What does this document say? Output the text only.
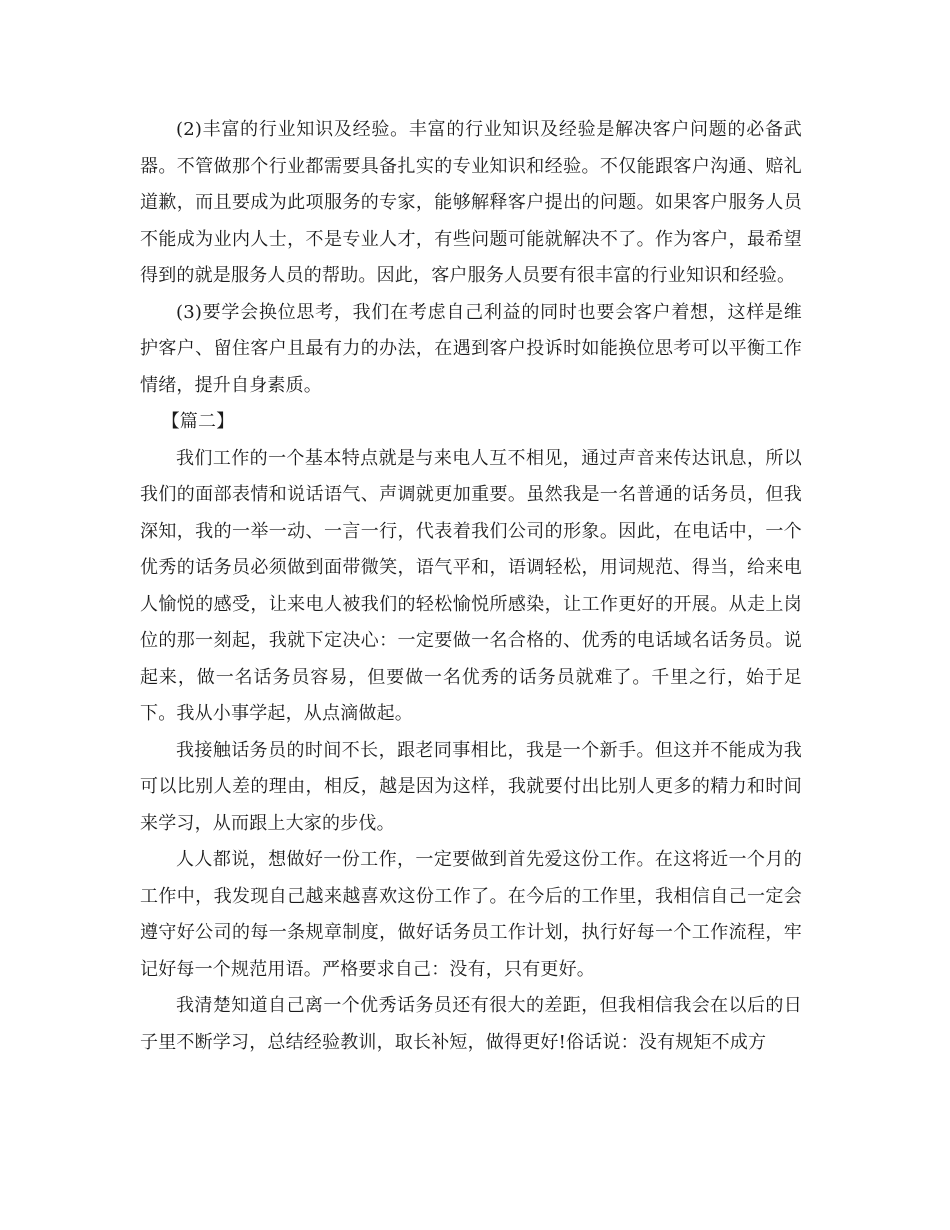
(2)丰富的行业知识及经验。丰富的行业知识及经验是解决客户问题的必备武器。不管做那个行业都需要具备扎实的专业知识和经验。不仅能跟客户沟通、赔礼道歉，而且要成为此项服务的专家，能够解释客户提出的问题。如果客户服务人员不能成为业内人士，不是专业人才，有些问题可能就解决不了。作为客户，最希望得到的就是服务人员的帮助。因此，客户服务人员要有很丰富的行业知识和经验。

(3)要学会换位思考，我们在考虑自己利益的同时也要会客户着想，这样是维护客户、留住客户且最有力的办法，在遇到客户投诉时如能换位思考可以平衡工作情绪，提升自身素质。

【篇二】

我们工作的一个基本特点就是与来电人互不相见，通过声音来传达讯息，所以我们的面部表情和说话语气、声调就更加重要。虽然我是一名普通的话务员，但我深知，我的一举一动、一言一行，代表着我们公司的形象。因此，在电话中，一个优秀的话务员必须做到面带微笑，语气平和，语调轻松，用词规范、得当，给来电人愉悦的感受，让来电人被我们的轻松愉悦所感染，让工作更好的开展。从走上岗位的那一刻起，我就下定决心：一定要做一名合格的、优秀的电话域名话务员。说起来，做一名话务员容易，但要做一名优秀的话务员就难了。千里之行，始于足下。我从小事学起，从点滴做起。

我接触话务员的时间不长，跟老同事相比，我是一个新手。但这并不能成为我可以比别人差的理由，相反，越是因为这样，我就要付出比别人更多的精力和时间来学习，从而跟上大家的步伐。

人人都说，想做好一份工作，一定要做到首先爱这份工作。在这将近一个月的工作中，我发现自己越来越喜欢这份工作了。在今后的工作里，我相信自己一定会遵守好公司的每一条规章制度，做好话务员工作计划，执行好每一个工作流程，牢记好每一个规范用语。严格要求自己：没有，只有更好。

我清楚知道自己离一个优秀话务员还有很大的差距，但我相信我会在以后的日子里不断学习，总结经验教训，取长补短，做得更好!俗话说：没有规矩不成方
